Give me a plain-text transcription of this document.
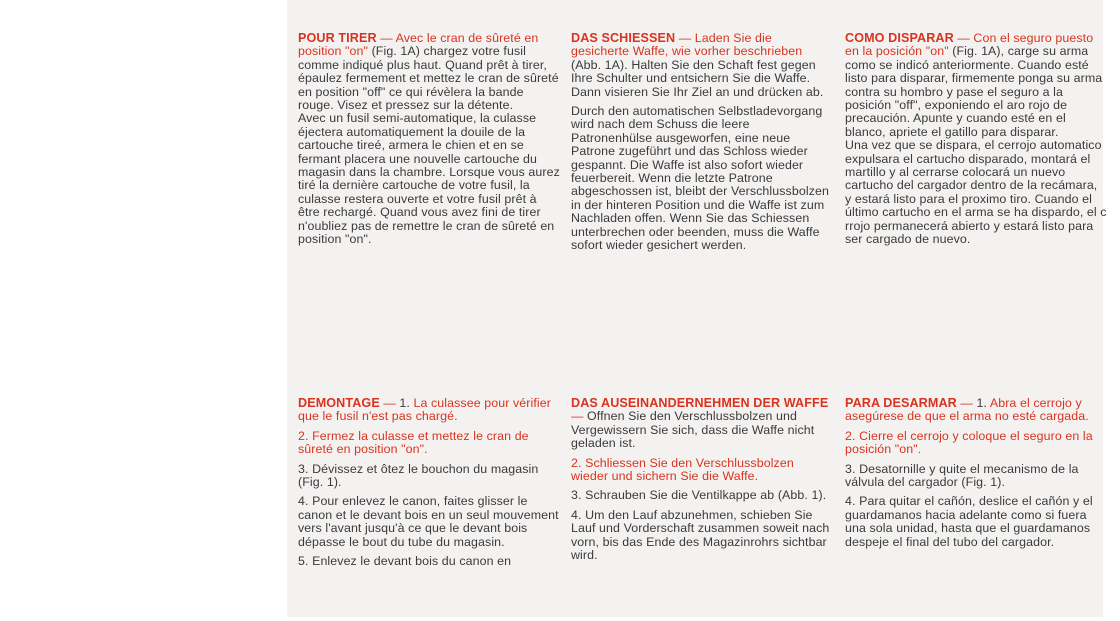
POUR TIRER — Avec le cran de sûreté en position "on" (Fig. 1A) chargez votre fusil comme indiqué plus haut. Quand prêt à tirer, épaulez fermement et mettez le cran de sûreté en position "off" ce qui révèlera la bande rouge. Visez et pressez sur la détente.

Avec un fusil semi-automatique, la culasse éjectera automatiquement la douile de la cartouche tireé, armera le chien et en se fermant placera une nouvelle cartouche du magasin dans la chambre. Lorsque vous aurez tiré la dernière cartouche de votre fusil, la culasse restera ouverte et votre fusil prêt à être rechargé. Quand vous avez fini de tirer n'oubliez pas de remettre le cran de sûreté en position "on".

DAS SCHIESSEN — Laden Sie die gesicherte Waffe, wie vorher beschrieben (Abb. 1A). Halten Sie den Schaft fest gegen Ihre Schulter und entsichern Sie die Waffe. Dann visieren Sie Ihr Ziel an und drücken ab.

Durch den automatischen Selbstladevorgang wird nach dem Schuss die leere Patronenhülse ausgeworfen, eine neue Patrone zugeführt und das Schloss wieder gespannt. Die Waffe ist also sofort wieder feuerbereit. Wenn die letzte Patrone abgeschossen ist, bleibt der Verschlussbolzen in der hinteren Position und die Waffe ist zum Nachladen offen. Wenn Sie das Schiessen unterbrechen oder beenden, muss die Waffe sofort wieder gesichert werden.

COMO DISPARAR — Con el seguro puesto en la posición "on" (Fig. 1A), carge su arma como se indicó anteriormente. Cuando esté listo para disparar, firmemente ponga su arma contra su hombro y pase el seguro a la posición "off", exponiendo el aro rojo de precaución. Apunte y cuando esté en el blanco, apriete el gatillo para disparar.

Una vez que se dispara, el cerrojo automatico expulsara el cartucho disparado, montará el martillo y al cerrarse colocará un nuevo cartucho del cargador dentro de la recámara, y estará listo para el proximo tiro. Cuando el último cartucho en el arma se ha dispardo, el c rrojo permanecerá abierto y estará listo para ser cargado de nuevo.

DEMONTAGE — 1. La culassee pour vérifier que le fusil n'est pas chargé.

2. Fermez la culasse et mettez le cran de sûreté en position "on".

3. Dévissez et ôtez le bouchon du magasin (Fig. 1).

4. Pour enlevez le canon, faites glisser le canon et le devant bois en un seul mouvement vers l'avant jusqu'à ce que le devant bois dépasse le bout du tube du magasin.

5. Enlevez le devant bois du canon en

DAS AUSEINANDERNEHMEN DER WAFFE — Offnen Sie den Verschlussbolzen und Vergewissern Sie sich, dass die Waffe nicht geladen ist.

2. Schliessen Sie den Verschlussbolzen wieder und sichern Sie die Waffe.

3. Schrauben Sie die Ventilkappe ab (Abb. 1).

4. Um den Lauf abzunehmen, schieben Sie Lauf und Vorderschaft zusammen soweit nach vorn, bis das Ende des Magazinrohrs sichtbar wird.

PARA DESARMAR — 1. Abra el cerrojo y asegúrese de que el arma no esté cargada.

2. Cierre el cerrojo y coloque el seguro en la posición "on".

3. Desatornille y quite el mecanismo de la válvula del cargador (Fig. 1).

4. Para quitar el cañón, deslice el cañón y el guardamanos hacia adelante como si fuera una sola unidad, hasta que el guardamanos despeje el final del tubo del cargador.
